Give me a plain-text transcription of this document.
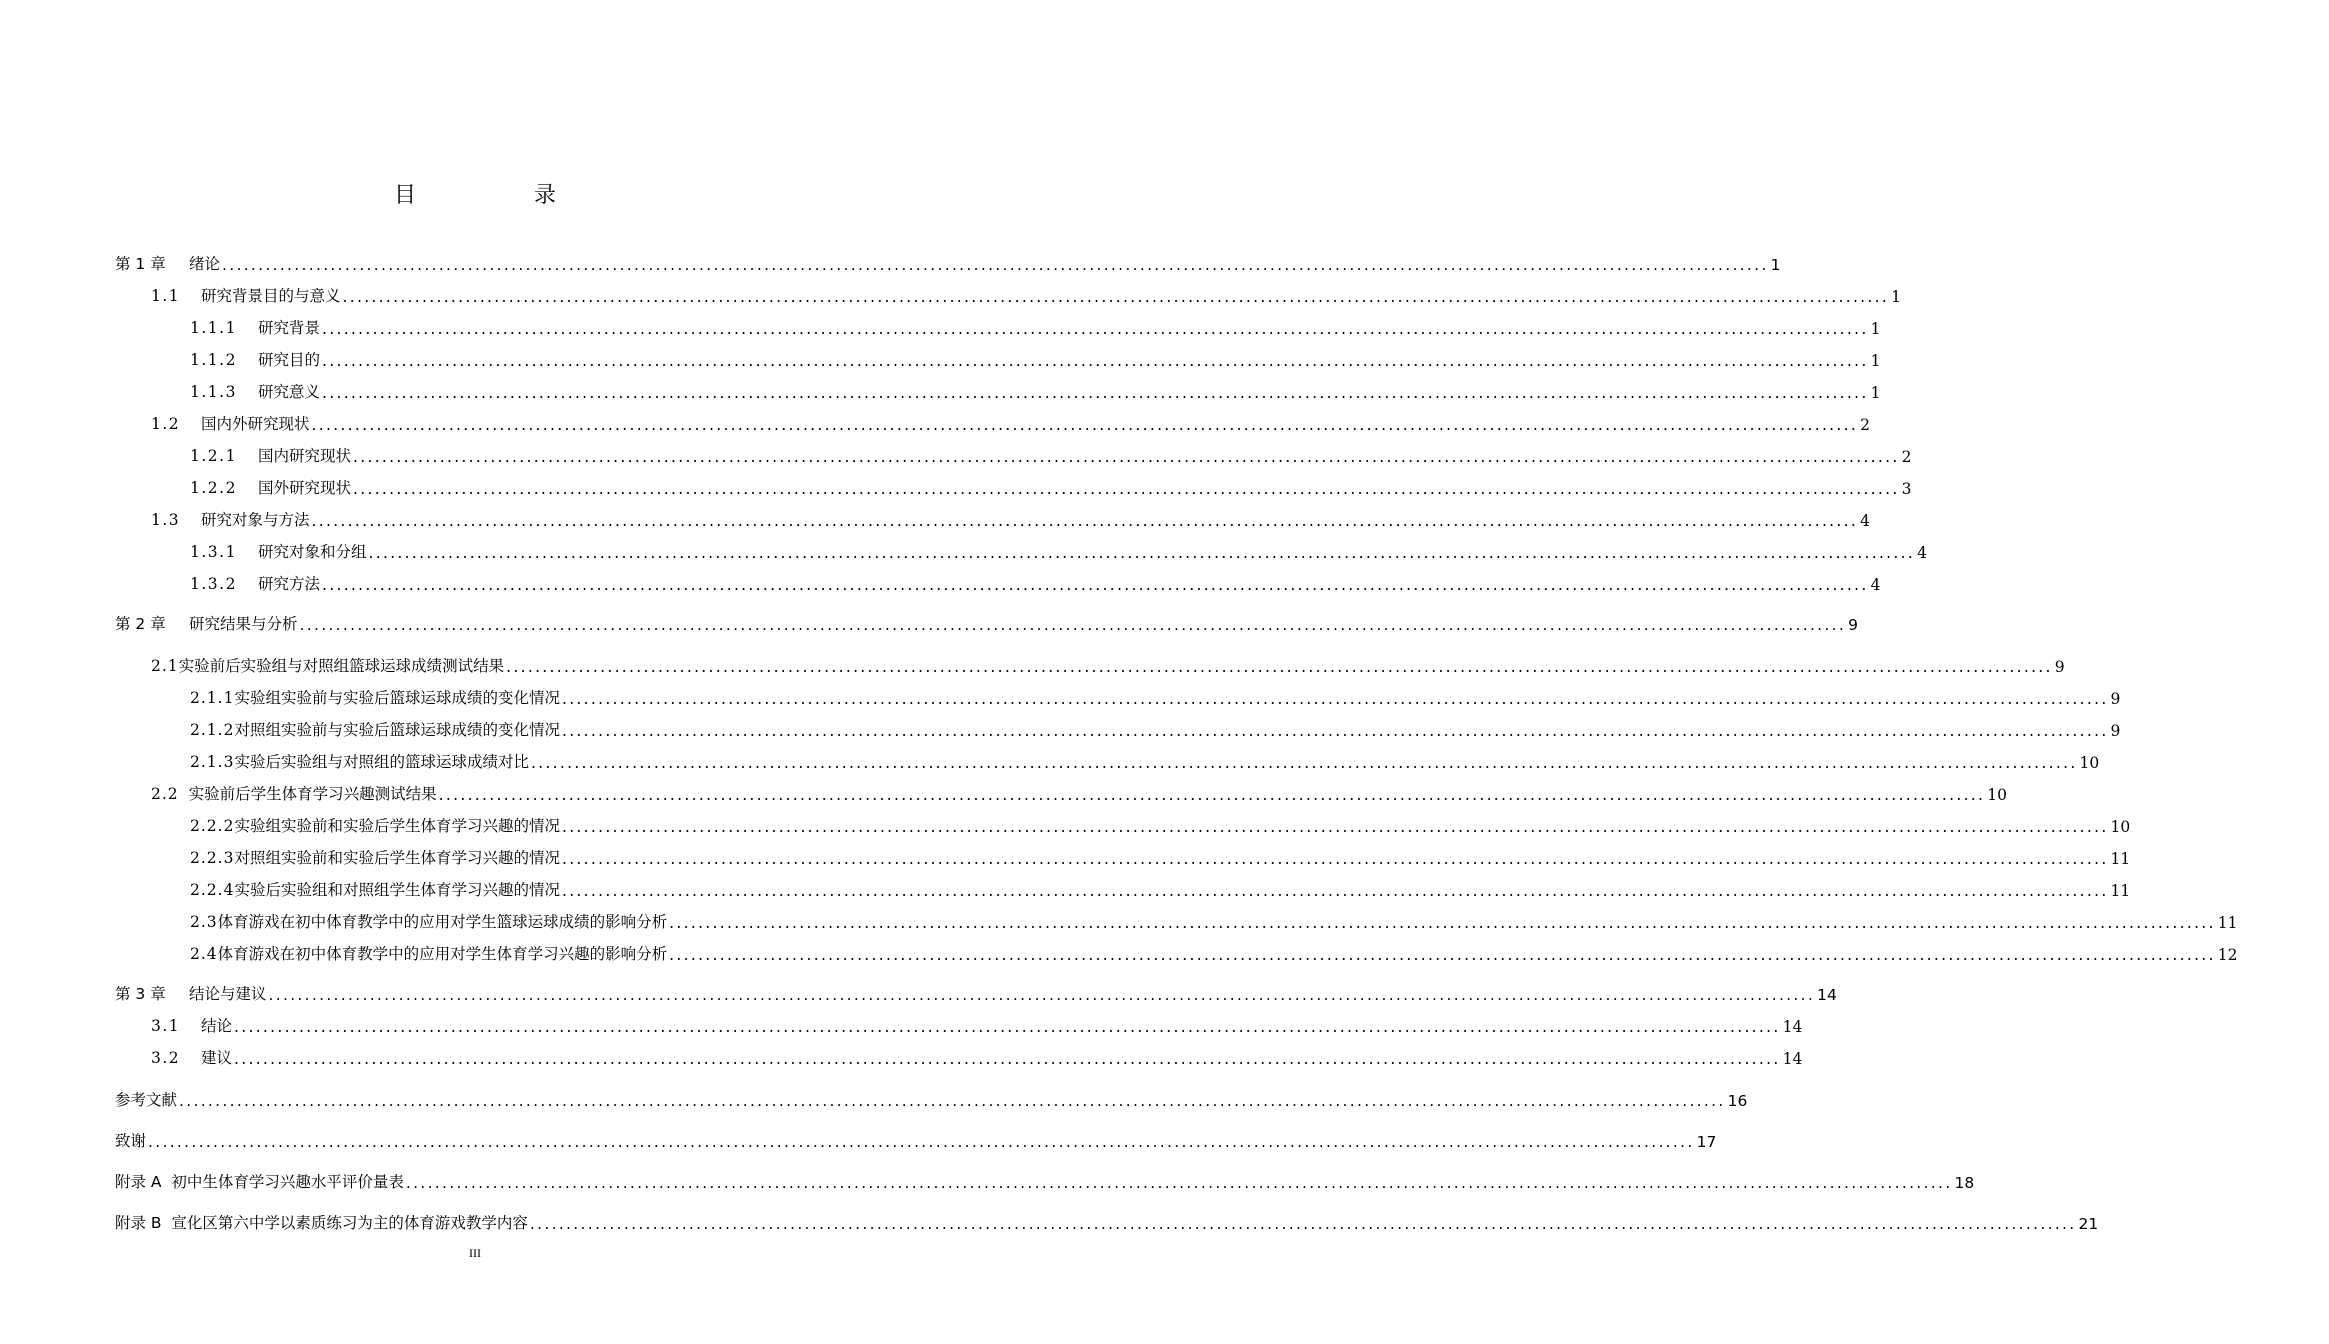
目　录
第 1 章 绪论 ...................................................................................................................................................................................................................... 1
1.1 研究背景目的与意义 ...................................................................................................................................................................................................................... 1
1.1.1 研究背景 ...................................................................................................................................................................................................................... 1
1.1.2 研究目的 ...................................................................................................................................................................................................................... 1
1.1.3 研究意义 ...................................................................................................................................................................................................................... 1
1.2 国内外研究现状 ...................................................................................................................................................................................................................... 2
1.2.1 国内研究现状 ...................................................................................................................................................................................................................... 2
1.2.2 国外研究现状 ...................................................................................................................................................................................................................... 3
1.3 研究对象与方法 ...................................................................................................................................................................................................................... 4
1.3.1 研究对象和分组 ...................................................................................................................................................................................................................... 4
1.3.2 研究方法 ...................................................................................................................................................................................................................... 4
第 2 章 研究结果与分析 ...................................................................................................................................................................................................................... 9
2.1实验前后实验组与对照组篮球运球成绩测试结果 ...................................................................................................................................................................................................................... 9
2.1.1实验组实验前与实验后篮球运球成绩的变化情况 ...................................................................................................................................................................................................................... 9
2.1.2对照组实验前与实验后篮球运球成绩的变化情况 ...................................................................................................................................................................................................................... 9
2.1.3实验后实验组与对照组的篮球运球成绩对比 ...................................................................................................................................................................................................................... 10
2.2 实验前后学生体育学习兴趣测试结果 ...................................................................................................................................................................................................................... 10
2.2.2实验组实验前和实验后学生体育学习兴趣的情况 ...................................................................................................................................................................................................................... 10
2.2.3对照组实验前和实验后学生体育学习兴趣的情况 ...................................................................................................................................................................................................................... 11
2.2.4实验后实验组和对照组学生体育学习兴趣的情况 ...................................................................................................................................................................................................................... 11
2.3体育游戏在初中体育教学中的应用对学生篮球运球成绩的影响分析 ...................................................................................................................................................................................................................... 11
2.4体育游戏在初中体育教学中的应用对学生体育学习兴趣的影响分析 ...................................................................................................................................................................................................................... 12
第 3 章 结论与建议 ...................................................................................................................................................................................................................... 14
3.1 结论 ...................................................................................................................................................................................................................... 14
3.2 建议 ...................................................................................................................................................................................................................... 14
参考文献 ...................................................................................................................................................................................................................... 16
致谢 ...................................................................................................................................................................................................................... 17
附录 A  初中生体育学习兴趣水平评价量表 ...................................................................................................................................................................................................................... 18
附录 B  宣化区第六中学以素质练习为主的体育游戏教学内容 ...................................................................................................................................................................................................................... 21
III
